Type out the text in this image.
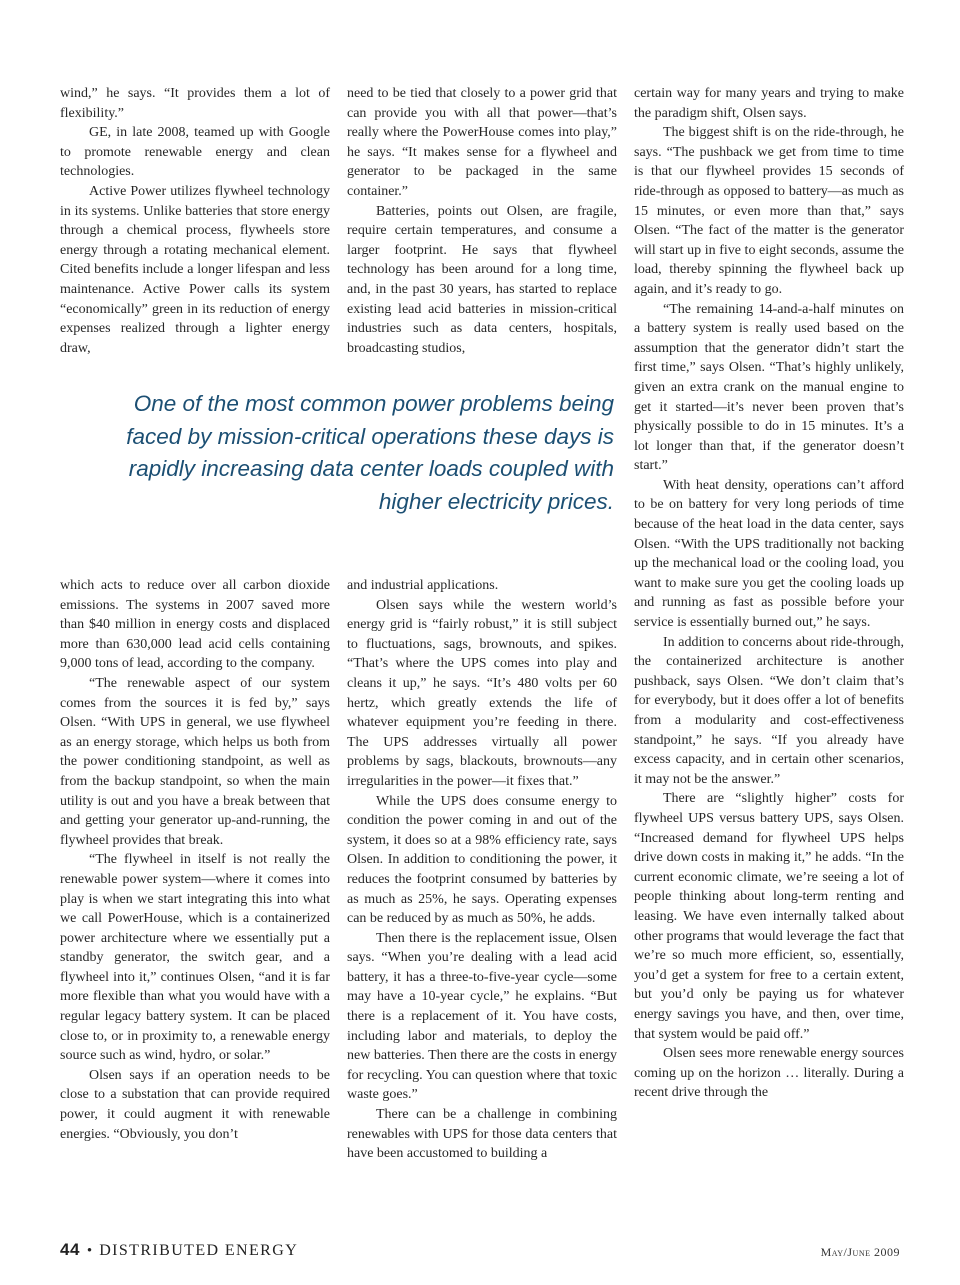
wind,” he says. “It provides them a lot of flexibility.”

GE, in late 2008, teamed up with Google to promote renewable energy and clean technologies.

Active Power utilizes flywheel technology in its systems. Unlike batteries that store energy through a chemical process, flywheels store energy through a rotating mechanical element. Cited benefits include a longer lifespan and less maintenance. Active Power calls its system “economically” green in its reduction of energy expenses realized through a lighter energy draw,

need to be tied that closely to a power grid that can provide you with all that power—that’s really where the PowerHouse comes into play,” he says. “It makes sense for a flywheel and generator to be packaged in the same container.”

Batteries, points out Olsen, are fragile, require certain temperatures, and consume a larger footprint. He says that flywheel technology has been around for a long time, and, in the past 30 years, has started to replace existing lead acid batteries in mission-critical industries such as data centers, hospitals, broadcasting studios,

One of the most common power problems being faced by mission-critical operations these days is rapidly increasing data center loads coupled with higher electricity prices.

which acts to reduce over all carbon dioxide emissions. The systems in 2007 saved more than $40 million in energy costs and displaced more than 630,000 lead acid cells containing 9,000 tons of lead, according to the company.

“The renewable aspect of our system comes from the sources it is fed by,” says Olsen. “With UPS in general, we use flywheel as an energy storage, which helps us both from the power conditioning standpoint, as well as from the backup standpoint, so when the main utility is out and you have a break between that and getting your generator up-and-running, the flywheel provides that break.

“The flywheel in itself is not really the renewable power system—where it comes into play is when we start integrating this into what we call PowerHouse, which is a containerized power architecture where we essentially put a standby generator, the switch gear, and a flywheel into it,” continues Olsen, “and it is far more flexible than what you would have with a regular legacy battery system. It can be placed close to, or in proximity to, a renewable energy source such as wind, hydro, or solar.”

Olsen says if an operation needs to be close to a substation that can provide required power, it could augment it with renewable energies. “Obviously, you don’t

and industrial applications.

Olsen says while the western world’s energy grid is “fairly robust,” it is still subject to fluctuations, sags, brownouts, and spikes. “That’s where the UPS comes into play and cleans it up,” he says. “It’s 480 volts per 60 hertz, which greatly extends the life of whatever equipment you’re feeding in there. The UPS addresses virtually all power problems by sags, blackouts, brownouts—any irregularities in the power—it fixes that.”

While the UPS does consume energy to condition the power coming in and out of the system, it does so at a 98% efficiency rate, says Olsen. In addition to conditioning the power, it reduces the footprint consumed by batteries by as much as 25%, he says. Operating expenses can be reduced by as much as 50%, he adds.

Then there is the replacement issue, Olsen says. “When you’re dealing with a lead acid battery, it has a three-to-five-year cycle—some may have a 10-year cycle,” he explains. “But there is a replacement of it. You have costs, including labor and materials, to deploy the new batteries. Then there are the costs in energy for recycling. You can question where that toxic waste goes.”

There can be a challenge in combining renewables with UPS for those data centers that have been accustomed to building a

certain way for many years and trying to make the paradigm shift, Olsen says.

The biggest shift is on the ride-through, he says. “The pushback we get from time to time is that our flywheel provides 15 seconds of ride-through as opposed to battery—as much as 15 minutes, or even more than that,” says Olsen. “The fact of the matter is the generator will start up in five to eight seconds, assume the load, thereby spinning the flywheel back up again, and it’s ready to go.

“The remaining 14-and-a-half minutes on a battery system is really used based on the assumption that the generator didn’t start the first time,” says Olsen. “That’s highly unlikely, given an extra crank on the manual engine to get it started—it’s never been proven that’s physically possible to do in 15 minutes. It’s a lot longer than that, if the generator doesn’t start.”

With heat density, operations can’t afford to be on battery for very long periods of time because of the heat load in the data center, says Olsen. “With the UPS traditionally not backing up the mechanical load or the cooling load, you want to make sure you get the cooling loads up and running as fast as possible before your service is essentially burned out,” he says.

In addition to concerns about ride-through, the containerized architecture is another pushback, says Olsen. “We don’t claim that’s for everybody, but it does offer a lot of benefits from a modularity and cost-effectiveness standpoint,” he says. “If you already have excess capacity, and in certain other scenarios, it may not be the answer.”

There are “slightly higher” costs for flywheel UPS versus battery UPS, says Olsen. “Increased demand for flywheel UPS helps drive down costs in making it,” he adds. “In the current economic climate, we’re seeing a lot of people thinking about long-term renting and leasing. We have even internally talked about other programs that would leverage the fact that we’re so much more efficient, so, essentially, you’d get a system for free to a certain extent, but you’d only be paying us for whatever energy savings you have, and then, over time, that system would be paid off.”

Olsen sees more renewable energy sources coming up on the horizon … literally. During a recent drive through the

44 • DISTRIBUTED ENERGY	May/June 2009
